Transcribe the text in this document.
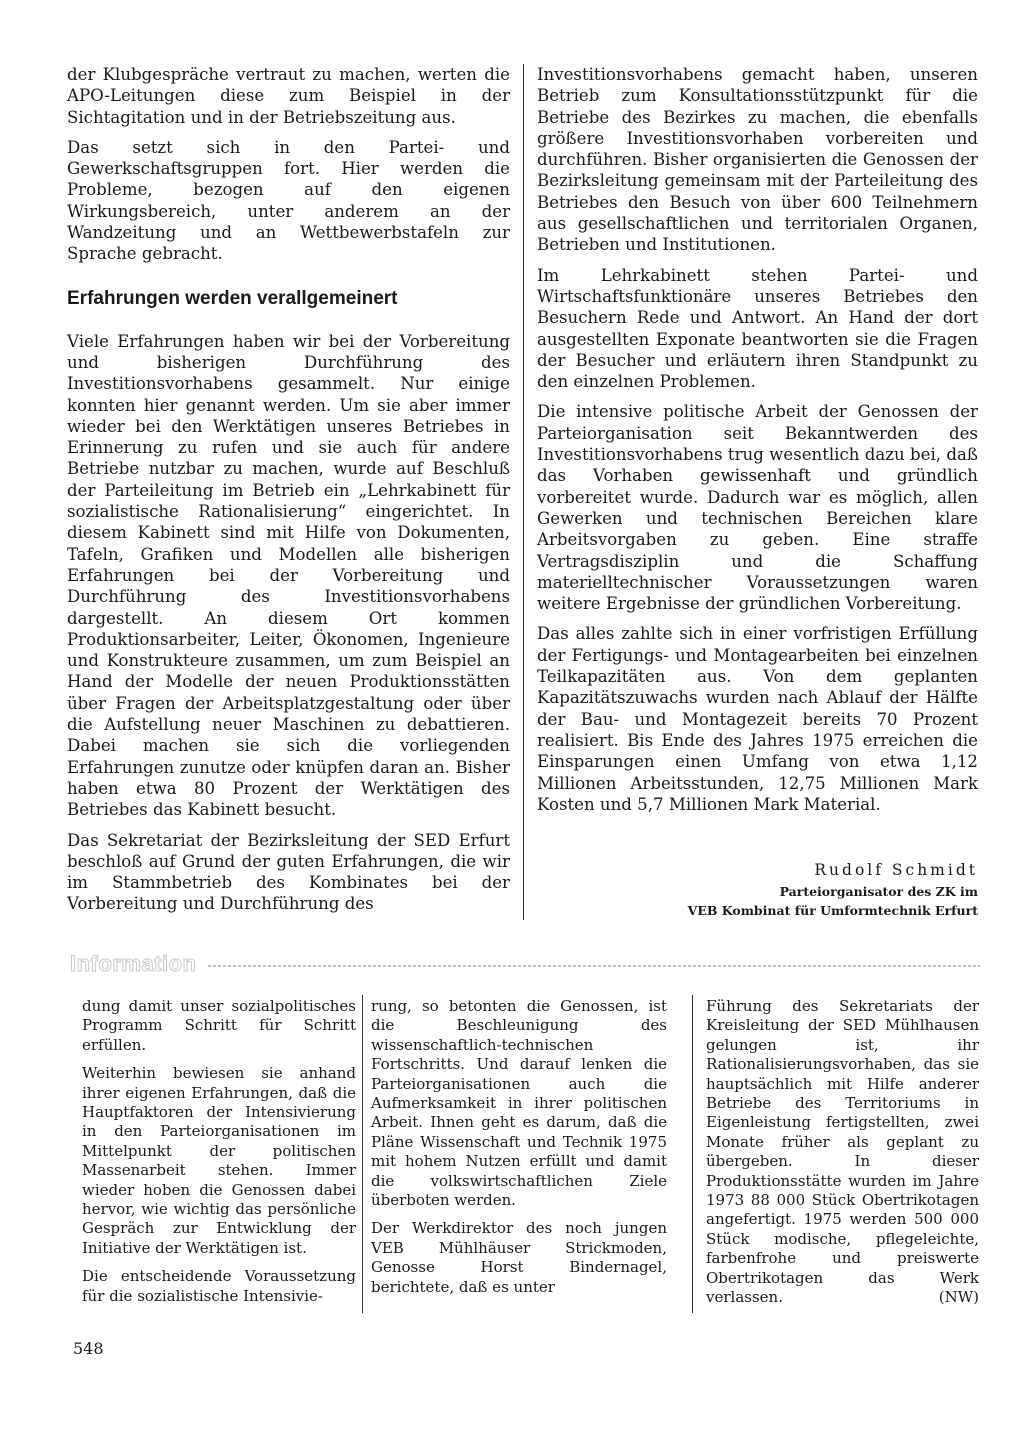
der Klubgespräche vertraut zu machen, werten die APO-Leitungen diese zum Beispiel in der Sichtagitation und in der Betriebszeitung aus.

Das setzt sich in den Partei- und Gewerkschaftsgruppen fort. Hier werden die Probleme, bezogen auf den eigenen Wirkungsbereich, unter anderem an der Wandzeitung und an Wettbewerbstafeln zur Sprache gebracht.

Erfahrungen werden verallgemeinert

Viele Erfahrungen haben wir bei der Vorbereitung und bisherigen Durchführung des Investitionsvorhabens gesammelt. Nur einige konnten hier genannt werden. Um sie aber immer wieder bei den Werktätigen unseres Betriebes in Erinnerung zu rufen und sie auch für andere Betriebe nutzbar zu machen, wurde auf Beschluß der Parteileitung im Betrieb ein „Lehrkabinett für sozialistische Rationalisierung“ eingerichtet. In diesem Kabinett sind mit Hilfe von Dokumenten, Tafeln, Grafiken und Modellen alle bisherigen Erfahrungen bei der Vorbereitung und Durchführung des Investitionsvorhabens dargestellt. An diesem Ort kommen Produktionsarbeiter, Leiter, Ökonomen, Ingenieure und Konstrukteure zusammen, um zum Beispiel an Hand der Modelle der neuen Produktionsstätten über Fragen der Arbeitsplatzgestaltung oder über die Aufstellung neuer Maschinen zu debattieren. Dabei machen sie sich die vorliegenden Erfahrungen zunutze oder knüpfen daran an. Bisher haben etwa 80 Prozent der Werktätigen des Betriebes das Kabinett besucht.

Das Sekretariat der Bezirksleitung der SED Erfurt beschloß auf Grund der guten Erfahrungen, die wir im Stammbetrieb des Kombinates bei der Vorbereitung und Durchführung des

Investitionsvorhabens gemacht haben, unseren Betrieb zum Konsultationsstützpunkt für die Betriebe des Bezirkes zu machen, die ebenfalls größere Investitionsvorhaben vorbereiten und durchführen. Bisher organisierten die Genossen der Bezirksleitung gemeinsam mit der Parteileitung des Betriebes den Besuch von über 600 Teilnehmern aus gesellschaftlichen und territorialen Organen, Betrieben und Institutionen.

Im Lehrkabinett stehen Partei- und Wirtschaftsfunktionäre unseres Betriebes den Besuchern Rede und Antwort. An Hand der dort ausgestellten Exponate beantworten sie die Fragen der Besucher und erläutern ihren Standpunkt zu den einzelnen Problemen.

Die intensive politische Arbeit der Genossen der Parteiorganisation seit Bekanntwerden des Investitionsvorhabens trug wesentlich dazu bei, daß das Vorhaben gewissenhaft und gründlich vorbereitet wurde. Dadurch war es möglich, allen Gewerken und technischen Bereichen klare Arbeitsvorgaben zu geben. Eine straffe Vertragsdisziplin und die Schaffung materielltechnischer Voraussetzungen waren weitere Ergebnisse der gründlichen Vorbereitung.

Das alles zahlte sich in einer vorfristigen Erfüllung der Fertigungs- und Montagearbeiten bei einzelnen Teilkapazitäten aus. Von dem geplanten Kapazitätszuwachs wurden nach Ablauf der Hälfte der Bau- und Montagezeit bereits 70 Prozent realisiert. Bis Ende des Jahres 1975 erreichen die Einsparungen einen Umfang von etwa 1,12 Millionen Arbeitsstunden, 12,75 Millionen Mark Kosten und 5,7 Millionen Mark Material.

Rudolf Schmidt
Parteiorganisator des ZK im
VEB Kombinat für Umformtechnik Erfurt
Information

dung damit unser sozialpolitisches Programm Schritt für Schritt erfüllen.

Weiterhin bewiesen sie anhand ihrer eigenen Erfahrungen, daß die Hauptfaktoren der Intensivierung in den Parteiorganisationen im Mittelpunkt der politischen Massenarbeit stehen. Immer wieder hoben die Genossen dabei hervor, wie wichtig das persönliche Gespräch zur Entwicklung der Initiative der Werktätigen ist.

Die entscheidende Voraussetzung für die sozialistische Intensivie-

rung, so betonten die Genossen, ist die Beschleunigung des wissenschaftlich-technischen Fortschritts. Und darauf lenken die Parteiorganisationen auch die Aufmerksamkeit in ihrer politischen Arbeit. Ihnen geht es darum, daß die Pläne Wissenschaft und Technik 1975 mit hohem Nutzen erfüllt und damit die volkswirtschaftlichen Ziele überboten werden.

Der Werkdirektor des noch jungen VEB Mühlhäuser Strickmoden, Genosse Horst Bindernagel, berichtete, daß es unter

Führung des Sekretariats der Kreisleitung der SED Mühlhausen gelungen ist, ihr Rationalisierungsvorhaben, das sie hauptsächlich mit Hilfe anderer Betriebe des Territoriums in Eigenleistung fertigstellten, zwei Monate früher als geplant zu übergeben. In dieser Produktionsstätte wurden im Jahre 1973 88 000 Stück Obertrikotagen angefertigt. 1975 werden 500 000 Stück modische, pflegeleichte, farbenfrohe und preiswerte Obertrikotagen das Werk verlassen.	(NW)

548
